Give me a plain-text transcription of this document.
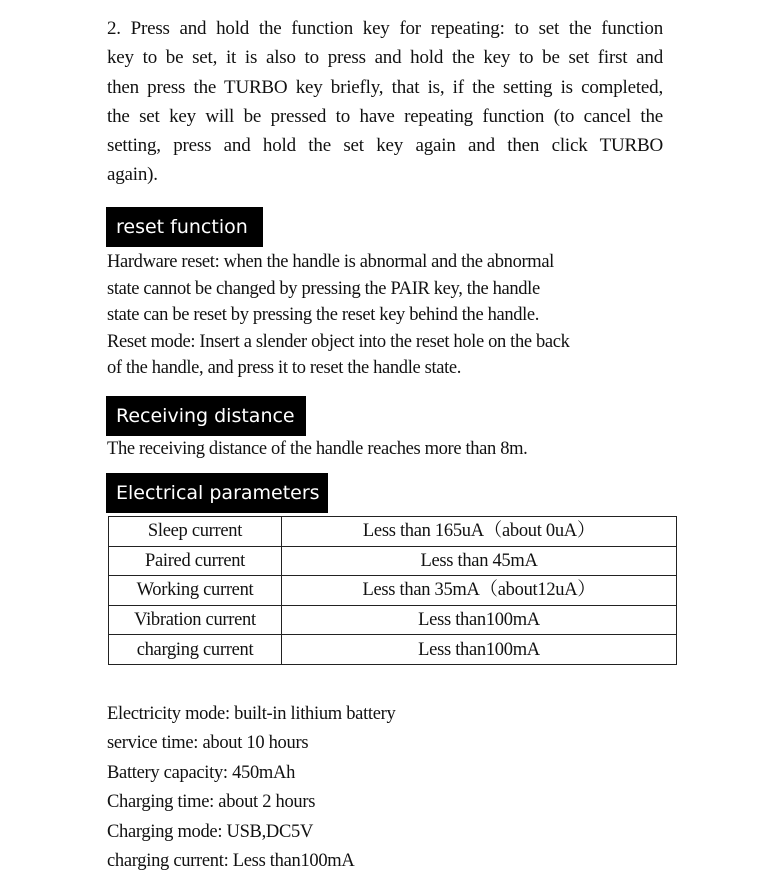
2. Press and hold the function key for repeating: to set the function
key to be set, it is also to press and hold the key to be set first and
then press the TURBO key briefly, that is, if the setting is completed,
the set key will be pressed to have repeating function (to cancel the
setting, press and hold the set key again and then click TURBO
again).
reset function
Hardware reset: when the handle is abnormal and the abnormal
state cannot be changed by pressing the PAIR key, the handle
state can be reset by pressing the reset key behind the handle.
Reset mode: Insert a slender object into the reset hole on the back
of the handle, and press it to reset the handle state.
Receiving distance
The receiving distance of the handle reaches more than 8m.
Electrical parameters
Sleep current	Less than 165uA（about 0uA）
Paired current	Less than 45mA
Working current	Less than 35mA（about12uA）
Vibration current	Less than100mA
charging current	Less than100mA
Electricity mode: built-in lithium battery
service time: about 10 hours
Battery capacity: 450mAh
Charging time: about 2 hours
Charging mode: USB,DC5V
charging current: Less than100mA
